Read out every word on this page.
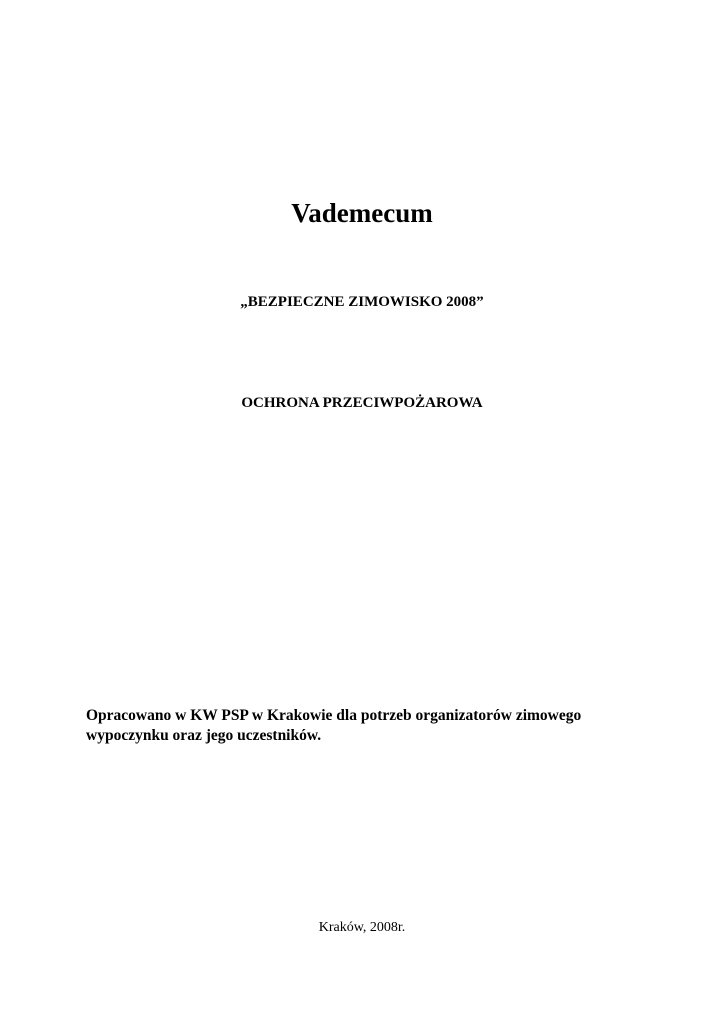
Vademecum
„BEZPIECZNE ZIMOWISKO 2008”
OCHRONA PRZECIWPOŻAROWA
Opracowano w KW PSP w Krakowie dla potrzeb organizatorów zimowego
wypoczynku oraz jego uczestników.
Kraków, 2008r.
